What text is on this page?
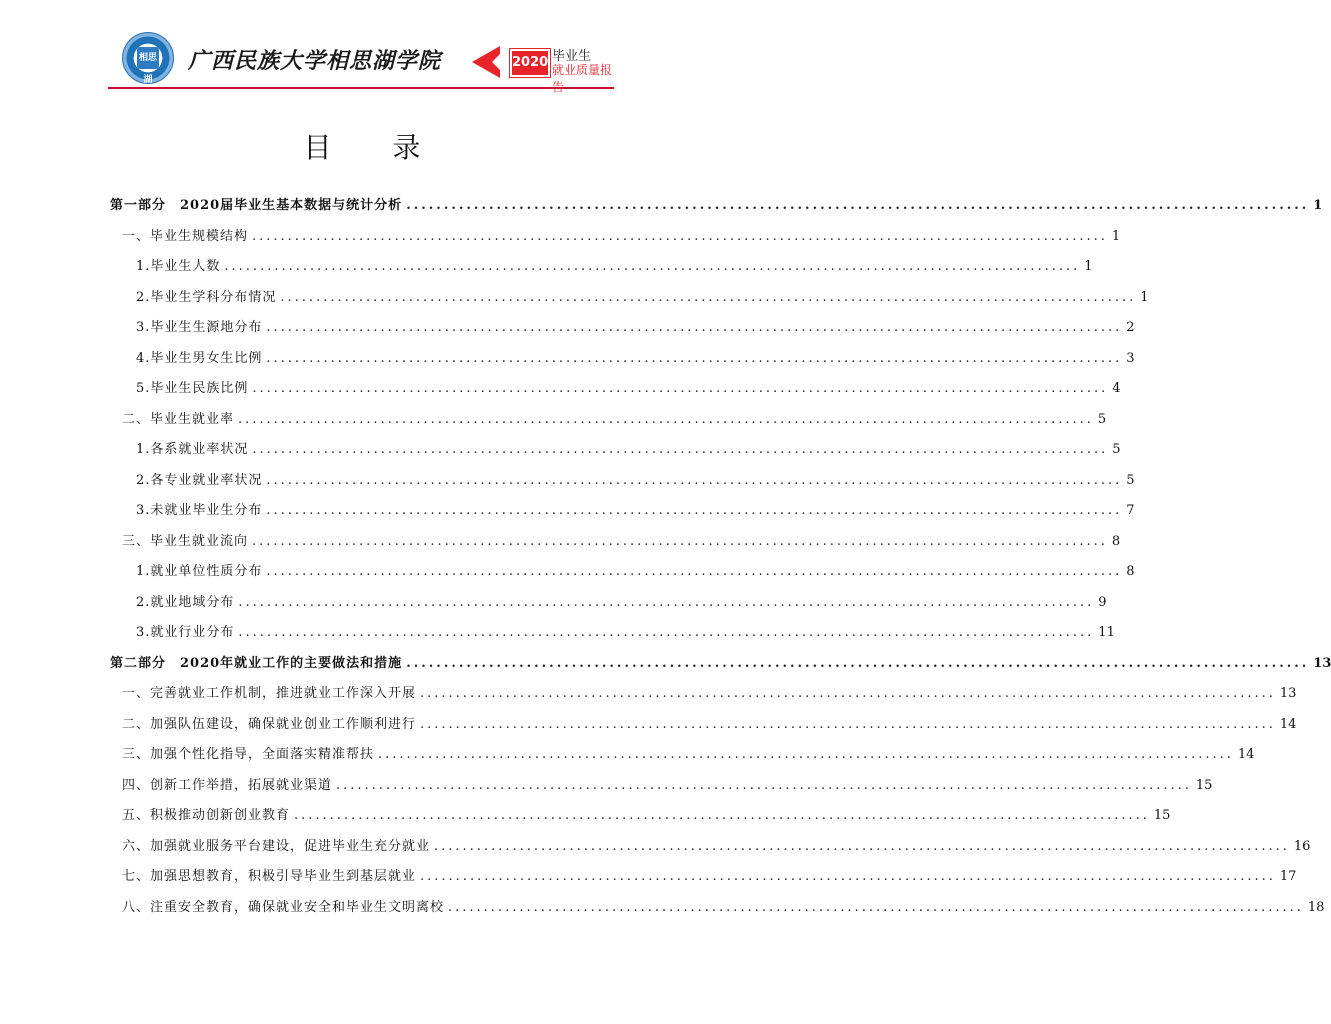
相思湖
广西民族大学相思湖学院	2020 毕业生
就业质量报
目 录
第一部分　2020届毕业生基本数据与统计分析 ........................................................................................................................ 1
一、毕业生规模结构 ........................................................................................................................ 1
1.毕业生人数 ........................................................................................................................ 1
2.毕业生学科分布情况 ........................................................................................................................ 1
3.毕业生生源地分布 ........................................................................................................................ 2
4.毕业生男女生比例 ........................................................................................................................ 3
5.毕业生民族比例 ........................................................................................................................ 4
二、毕业生就业率 ........................................................................................................................ 5
1.各系就业率状况 ........................................................................................................................ 5
2.各专业就业率状况 ........................................................................................................................ 5
3.未就业毕业生分布 ........................................................................................................................ 7
三、毕业生就业流向 ........................................................................................................................ 8
1.就业单位性质分布 ........................................................................................................................ 8
2.就业地域分布 ........................................................................................................................ 9
3.就业行业分布 ........................................................................................................................ 11
第二部分　2020年就业工作的主要做法和措施 ........................................................................................................................ 13
一、完善就业工作机制，推进就业工作深入开展 ........................................................................................................................ 13
二、加强队伍建设，确保就业创业工作顺利进行 ........................................................................................................................ 14
三、加强个性化指导，全面落实精准帮扶 ........................................................................................................................ 14
四、创新工作举措，拓展就业渠道 ........................................................................................................................ 15
五、积极推动创新创业教育 ........................................................................................................................ 15
六、加强就业服务平台建设，促进毕业生充分就业 ........................................................................................................................ 16
七、加强思想教育，积极引导毕业生到基层就业 ........................................................................................................................ 17
八、注重安全教育，确保就业安全和毕业生文明离校 ........................................................................................................................ 18
